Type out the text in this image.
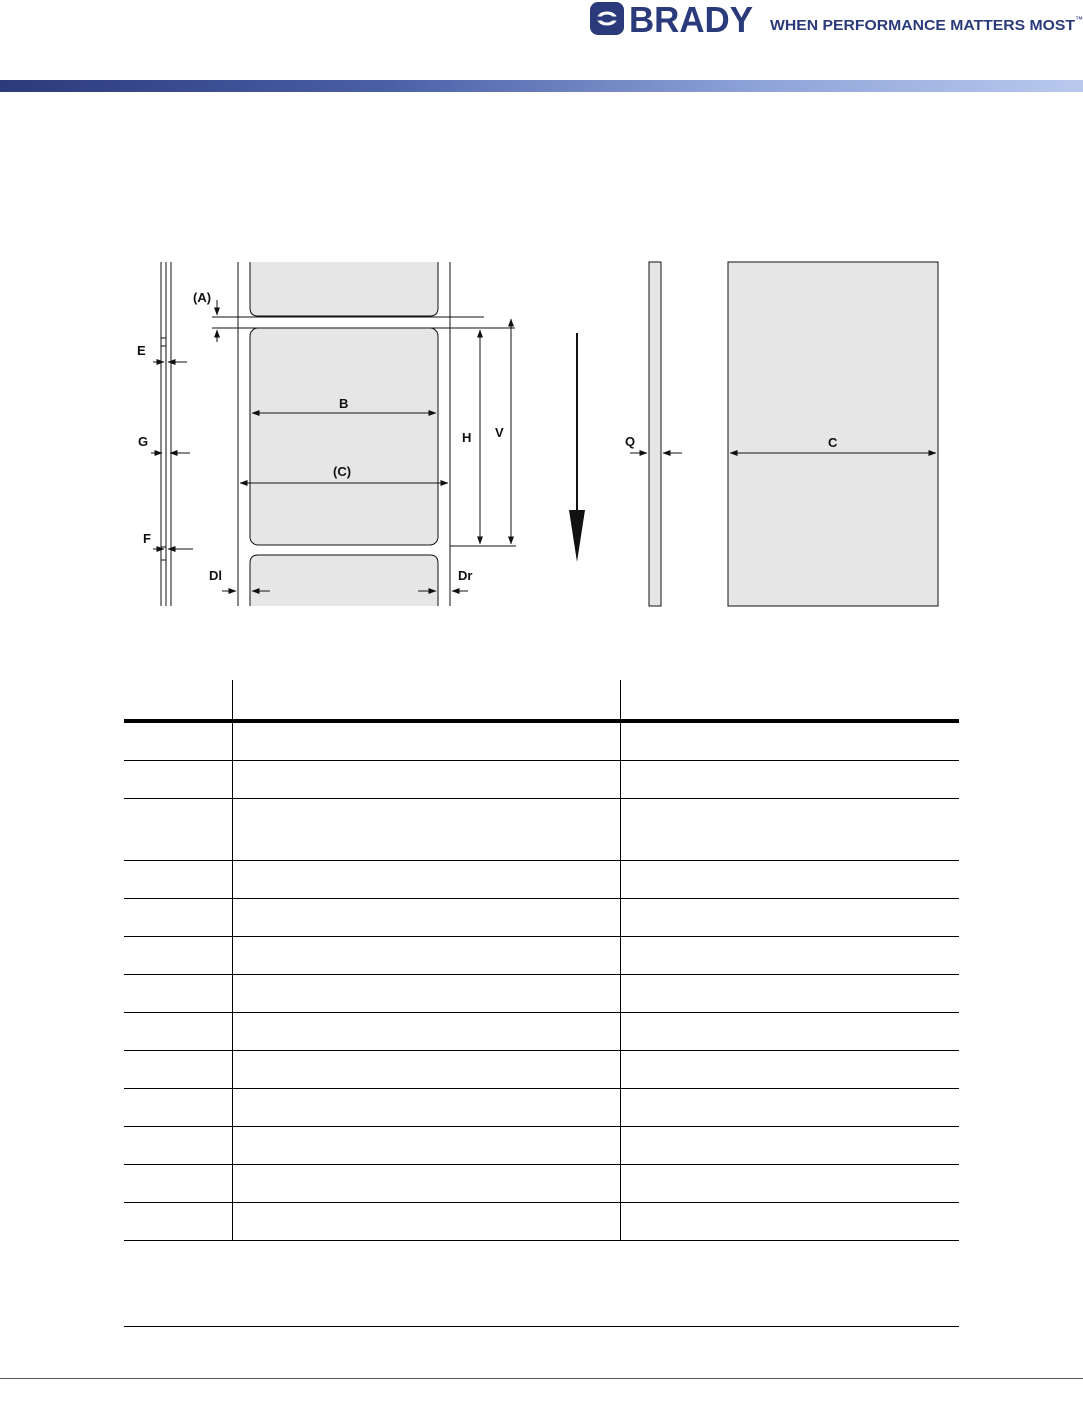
BRADY WHEN PERFORMANCE MATTERS MOST ™
E
G
F
(A)
B
(C)
H V
Dl	Dr
Q	C
